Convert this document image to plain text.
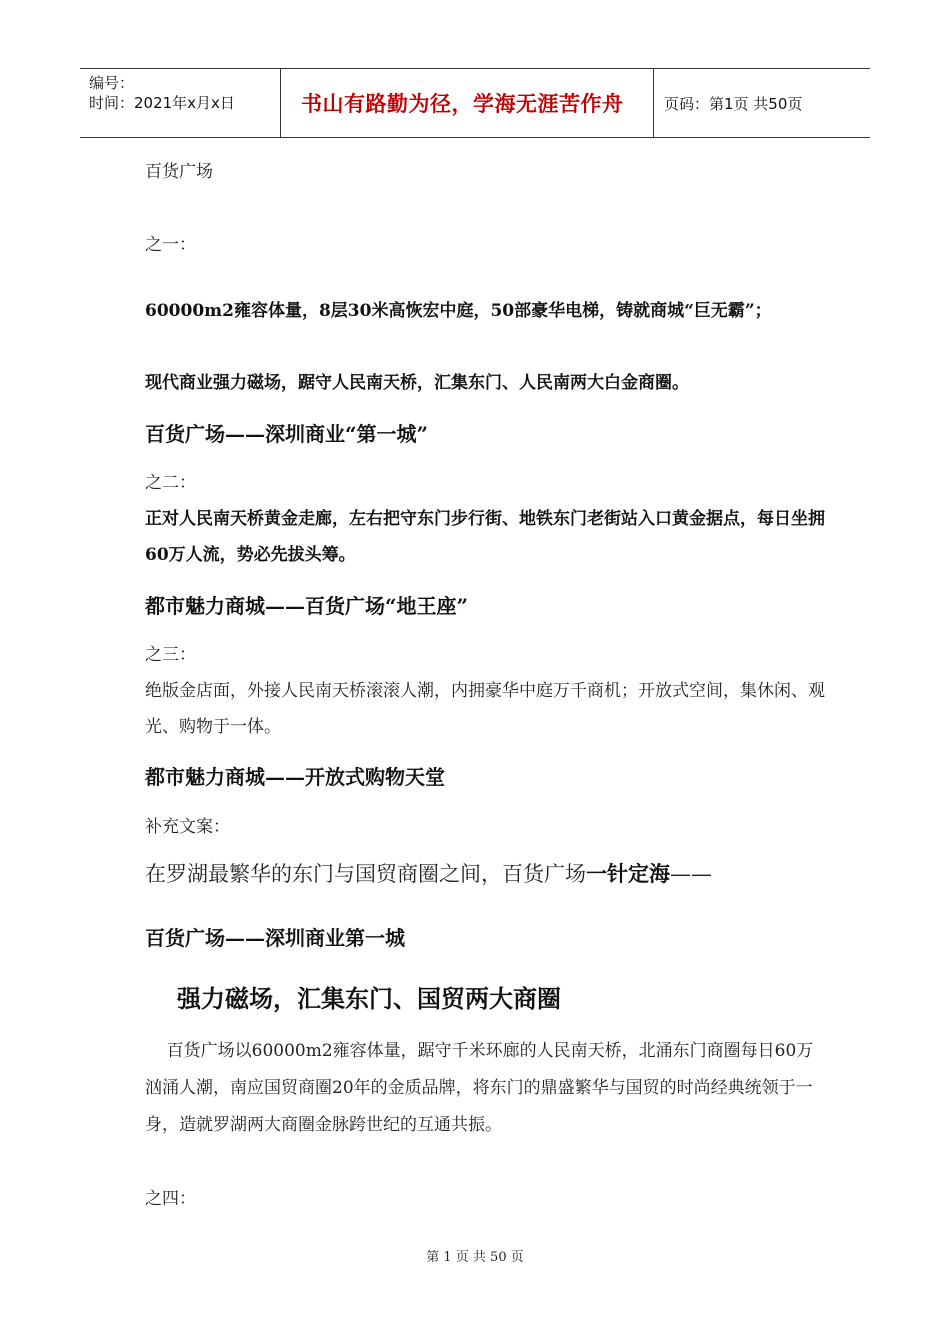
编号：
时间：2021年x月x日	书山有路勤为径，学海无涯苦作舟	页码：第1页 共50页

百货广场

之一：

60000m2雍容体量，8层30米高恢宏中庭，50部豪华电梯，铸就商城“巨无霸”；

现代商业强力磁场，踞守人民南天桥，汇集东门、人民南两大白金商圈。

百货广场——深圳商业“第一城”

之二：

正对人民南天桥黄金走廊，左右把守东门步行街、地铁东门老街站入口黄金据点，每日坐拥60万人流，势必先拔头筹。

都市魅力商城——百货广场“地王座”

之三：

绝版金店面，外接人民南天桥滚滚人潮，内拥豪华中庭万千商机；开放式空间，集休闲、观光、购物于一体。

都市魅力商城——开放式购物天堂

补充文案：

在罗湖最繁华的东门与国贸商圈之间，百货广场一针定海——

百货广场——深圳商业第一城

强力磁场，汇集东门、国贸两大商圈

百货广场以60000m2雍容体量，踞守千米环廊的人民南天桥，北涌东门商圈每日60万汹涌人潮，南应国贸商圈20年的金质品牌，将东门的鼎盛繁华与国贸的时尚经典统领于一身，造就罗湖两大商圈金脉跨世纪的互通共振。

之四：

第 1 页 共 50 页
